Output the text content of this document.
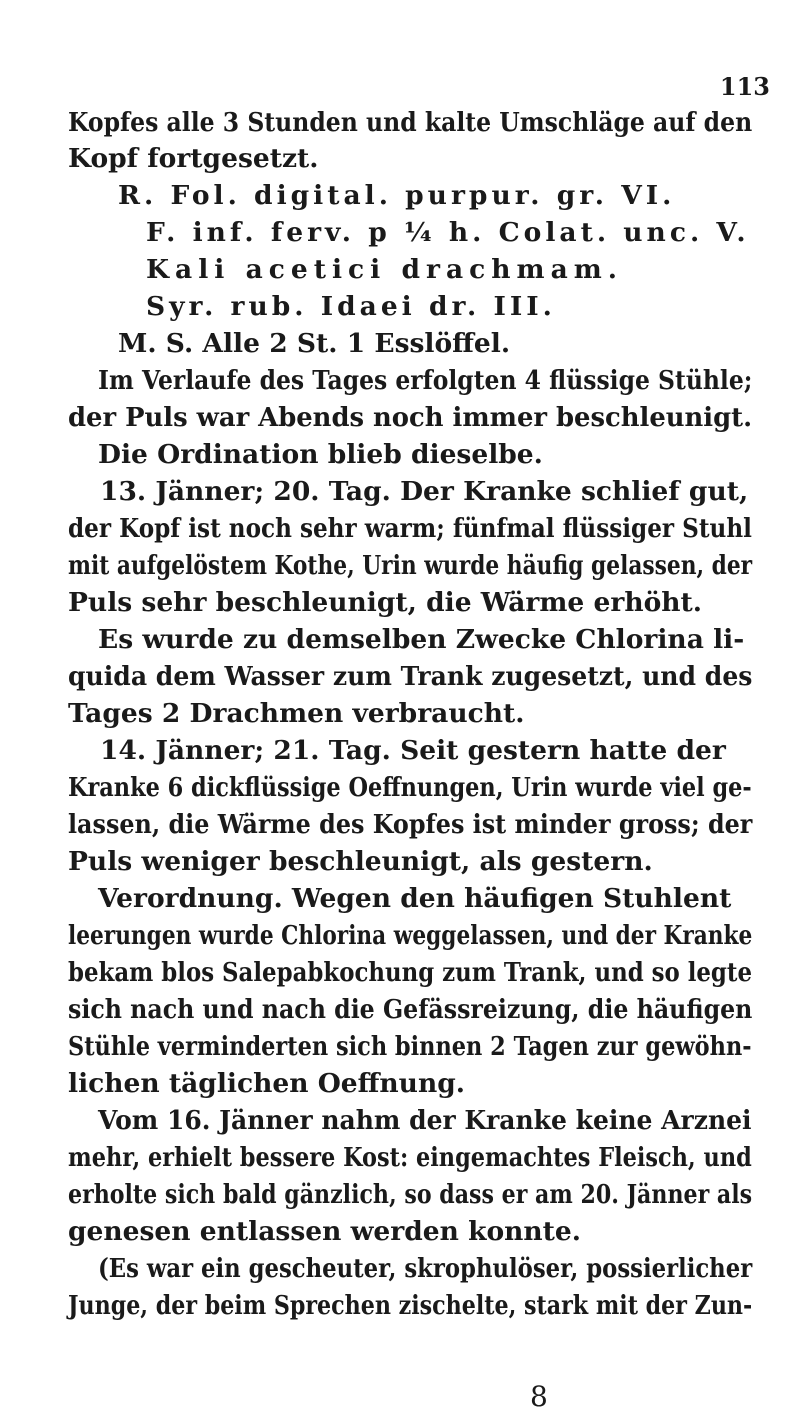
113
Kopfes alle 3 Stunden und kalte Umschläge auf den
Kopf fortgesetzt.
R. Fol. digital. purpur. gr. VI.
F. inf. ferv. p ¼ h. Colat. unc. V.
Kali acetici drachmam.
Syr. rub. Idaei dr. III.
M. S. Alle 2 St. 1 Esslöffel.
Im Verlaufe des Tages erfolgten 4 flüssige Stühle;
der Puls war Abends noch immer beschleunigt.
Die Ordination blieb dieselbe.
13. Jänner; 20. Tag. Der Kranke schlief gut,
der Kopf ist noch sehr warm; fünfmal flüssiger Stuhl
mit aufgelöstem Kothe, Urin wurde häufig gelassen, der
Puls sehr beschleunigt, die Wärme erhöht.
Es wurde zu demselben Zwecke Chlorina li-
quida dem Wasser zum Trank zugesetzt, und des
Tages 2 Drachmen verbraucht.
14. Jänner; 21. Tag. Seit gestern hatte der
Kranke 6 dickflüssige Oeffnungen, Urin wurde viel ge-
lassen, die Wärme des Kopfes ist minder gross; der
Puls weniger beschleunigt, als gestern.
Verordnung. Wegen den häufigen Stuhlent
leerungen wurde Chlorina weggelassen, und der Kranke
bekam blos Salepabkochung zum Trank, und so legte
sich nach und nach die Gefässreizung, die häufigen
Stühle verminderten sich binnen 2 Tagen zur gewöhn-
lichen täglichen Oeffnung.
Vom 16. Jänner nahm der Kranke keine Arznei
mehr, erhielt bessere Kost: eingemachtes Fleisch, und
erholte sich bald gänzlich, so dass er am 20. Jänner als
genesen entlassen werden konnte.
(Es war ein gescheuter, skrophulöser, possierlicher
Junge, der beim Sprechen zischelte, stark mit der Zun-
8
